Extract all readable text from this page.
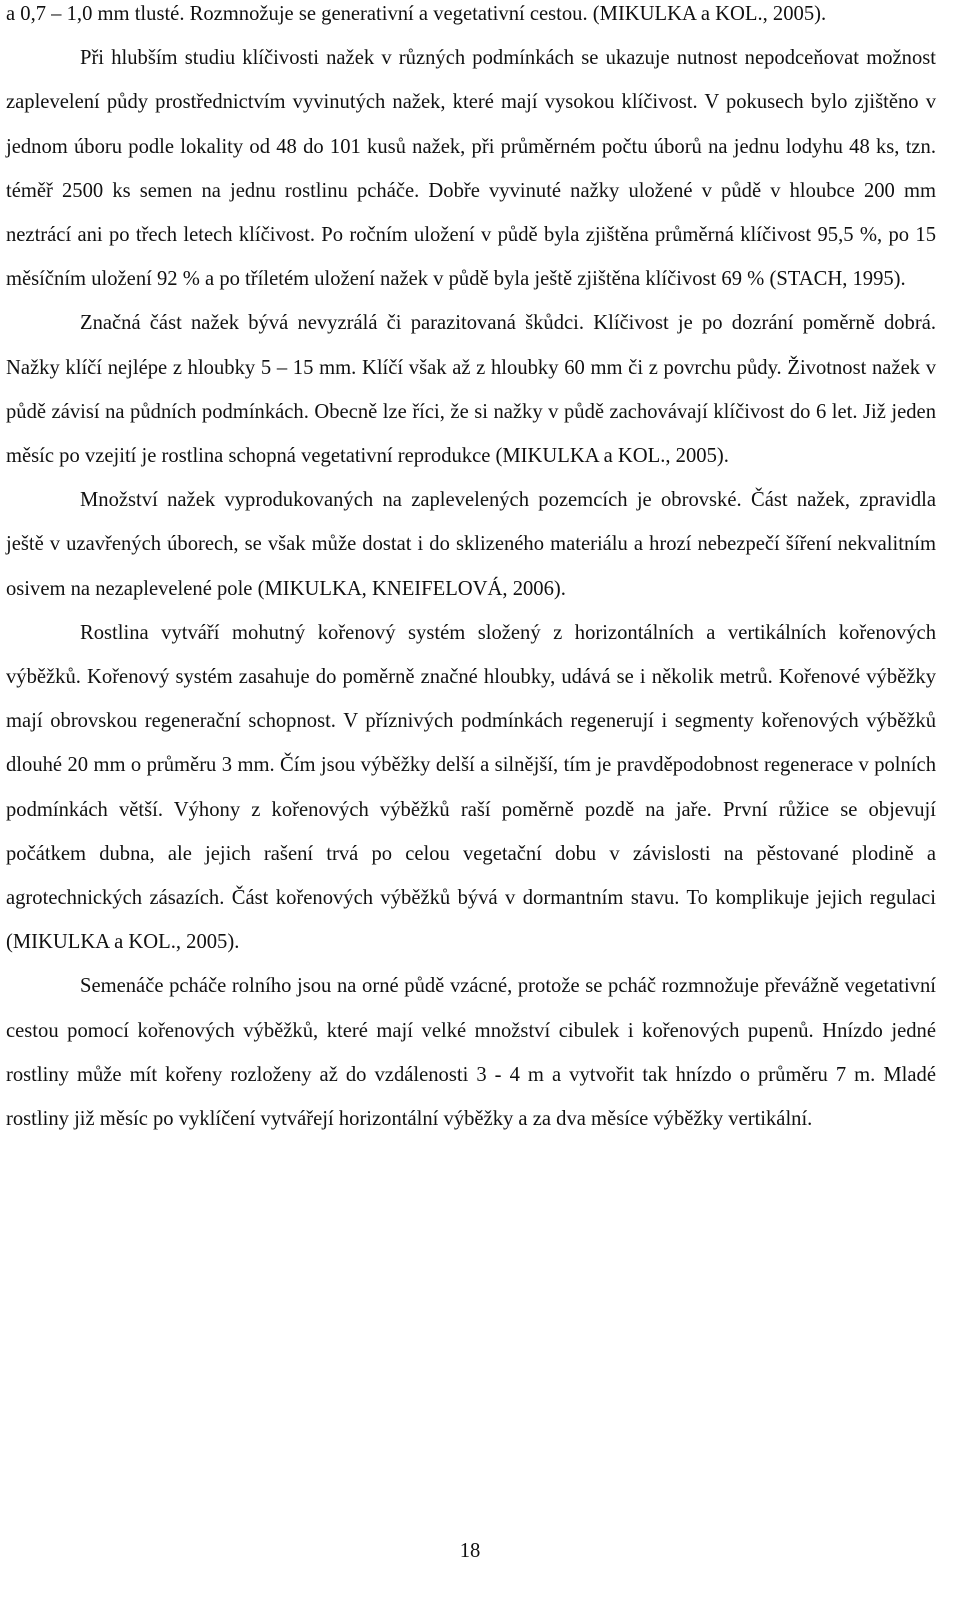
a 0,7 – 1,0 mm tlusté. Rozmnožuje se generativní a vegetativní cestou. (MIKULKA a KOL., 2005).

Při hlubším studiu klíčivosti nažek v různých podmínkách se ukazuje nutnost nepodceňovat možnost zaplevelení půdy prostřednictvím vyvinutých nažek, které mají vysokou klíčivost. V pokusech bylo zjištěno v jednom úboru podle lokality od 48 do 101 kusů nažek, při průměrném počtu úborů na jednu lodyhu 48 ks, tzn. téměř 2500 ks semen na jednu rostlinu pcháče. Dobře vyvinuté nažky uložené v půdě v hloubce 200 mm neztrácí ani po třech letech klíčivost. Po ročním uložení v půdě byla zjištěna průměrná klíčivost 95,5 %, po 15 měsíčním uložení 92 % a po tříletém uložení nažek v půdě byla ještě zjištěna klíčivost 69 % (STACH, 1995).

Značná část nažek bývá nevyzrálá či parazitovaná škůdci. Klíčivost je po dozrání poměrně dobrá. Nažky klíčí nejlépe z hloubky 5 – 15 mm. Klíčí však až z hloubky 60 mm či z povrchu půdy. Životnost nažek v půdě závisí na půdních podmínkách. Obecně lze říci, že si nažky v půdě zachovávají klíčivost do 6 let. Již jeden měsíc po vzejití je rostlina schopná vegetativní reprodukce (MIKULKA a KOL., 2005).

Množství nažek vyprodukovaných na zaplevelených pozemcích je obrovské. Část nažek, zpravidla ještě v uzavřených úborech, se však může dostat i do sklizeného materiálu a hrozí nebezpečí šíření nekvalitním osivem na nezaplevelené pole (MIKULKA, KNEIFELOVÁ, 2006).

Rostlina vytváří mohutný kořenový systém složený z horizontálních a vertikálních kořenových výběžků. Kořenový systém zasahuje do poměrně značné hloubky, udává se i několik metrů. Kořenové výběžky mají obrovskou regenerační schopnost. V příznivých podmínkách regenerují i segmenty kořenových výběžků dlouhé 20 mm o průměru 3 mm. Čím jsou výběžky delší a silnější, tím je pravděpodobnost regenerace v polních podmínkách větší. Výhony z kořenových výběžků raší poměrně pozdě na jaře. První růžice se objevují počátkem dubna, ale jejich rašení trvá po celou vegetační dobu v závislosti na pěstované plodině a agrotechnických zásazích. Část kořenových výběžků bývá v dormantním stavu. To komplikuje jejich regulaci (MIKULKA a KOL., 2005).

Semenáče pcháče rolního jsou na orné půdě vzácné, protože se pcháč rozmnožuje převážně vegetativní cestou pomocí kořenových výběžků, které mají velké množství cibulek i kořenových pupenů. Hnízdo jedné rostliny může mít kořeny rozloženy až do vzdálenosti 3 - 4 m a vytvořit tak hnízdo o průměru 7 m. Mladé rostliny již měsíc po vyklíčení vytvářejí horizontální výběžky a za dva měsíce výběžky vertikální.

18
